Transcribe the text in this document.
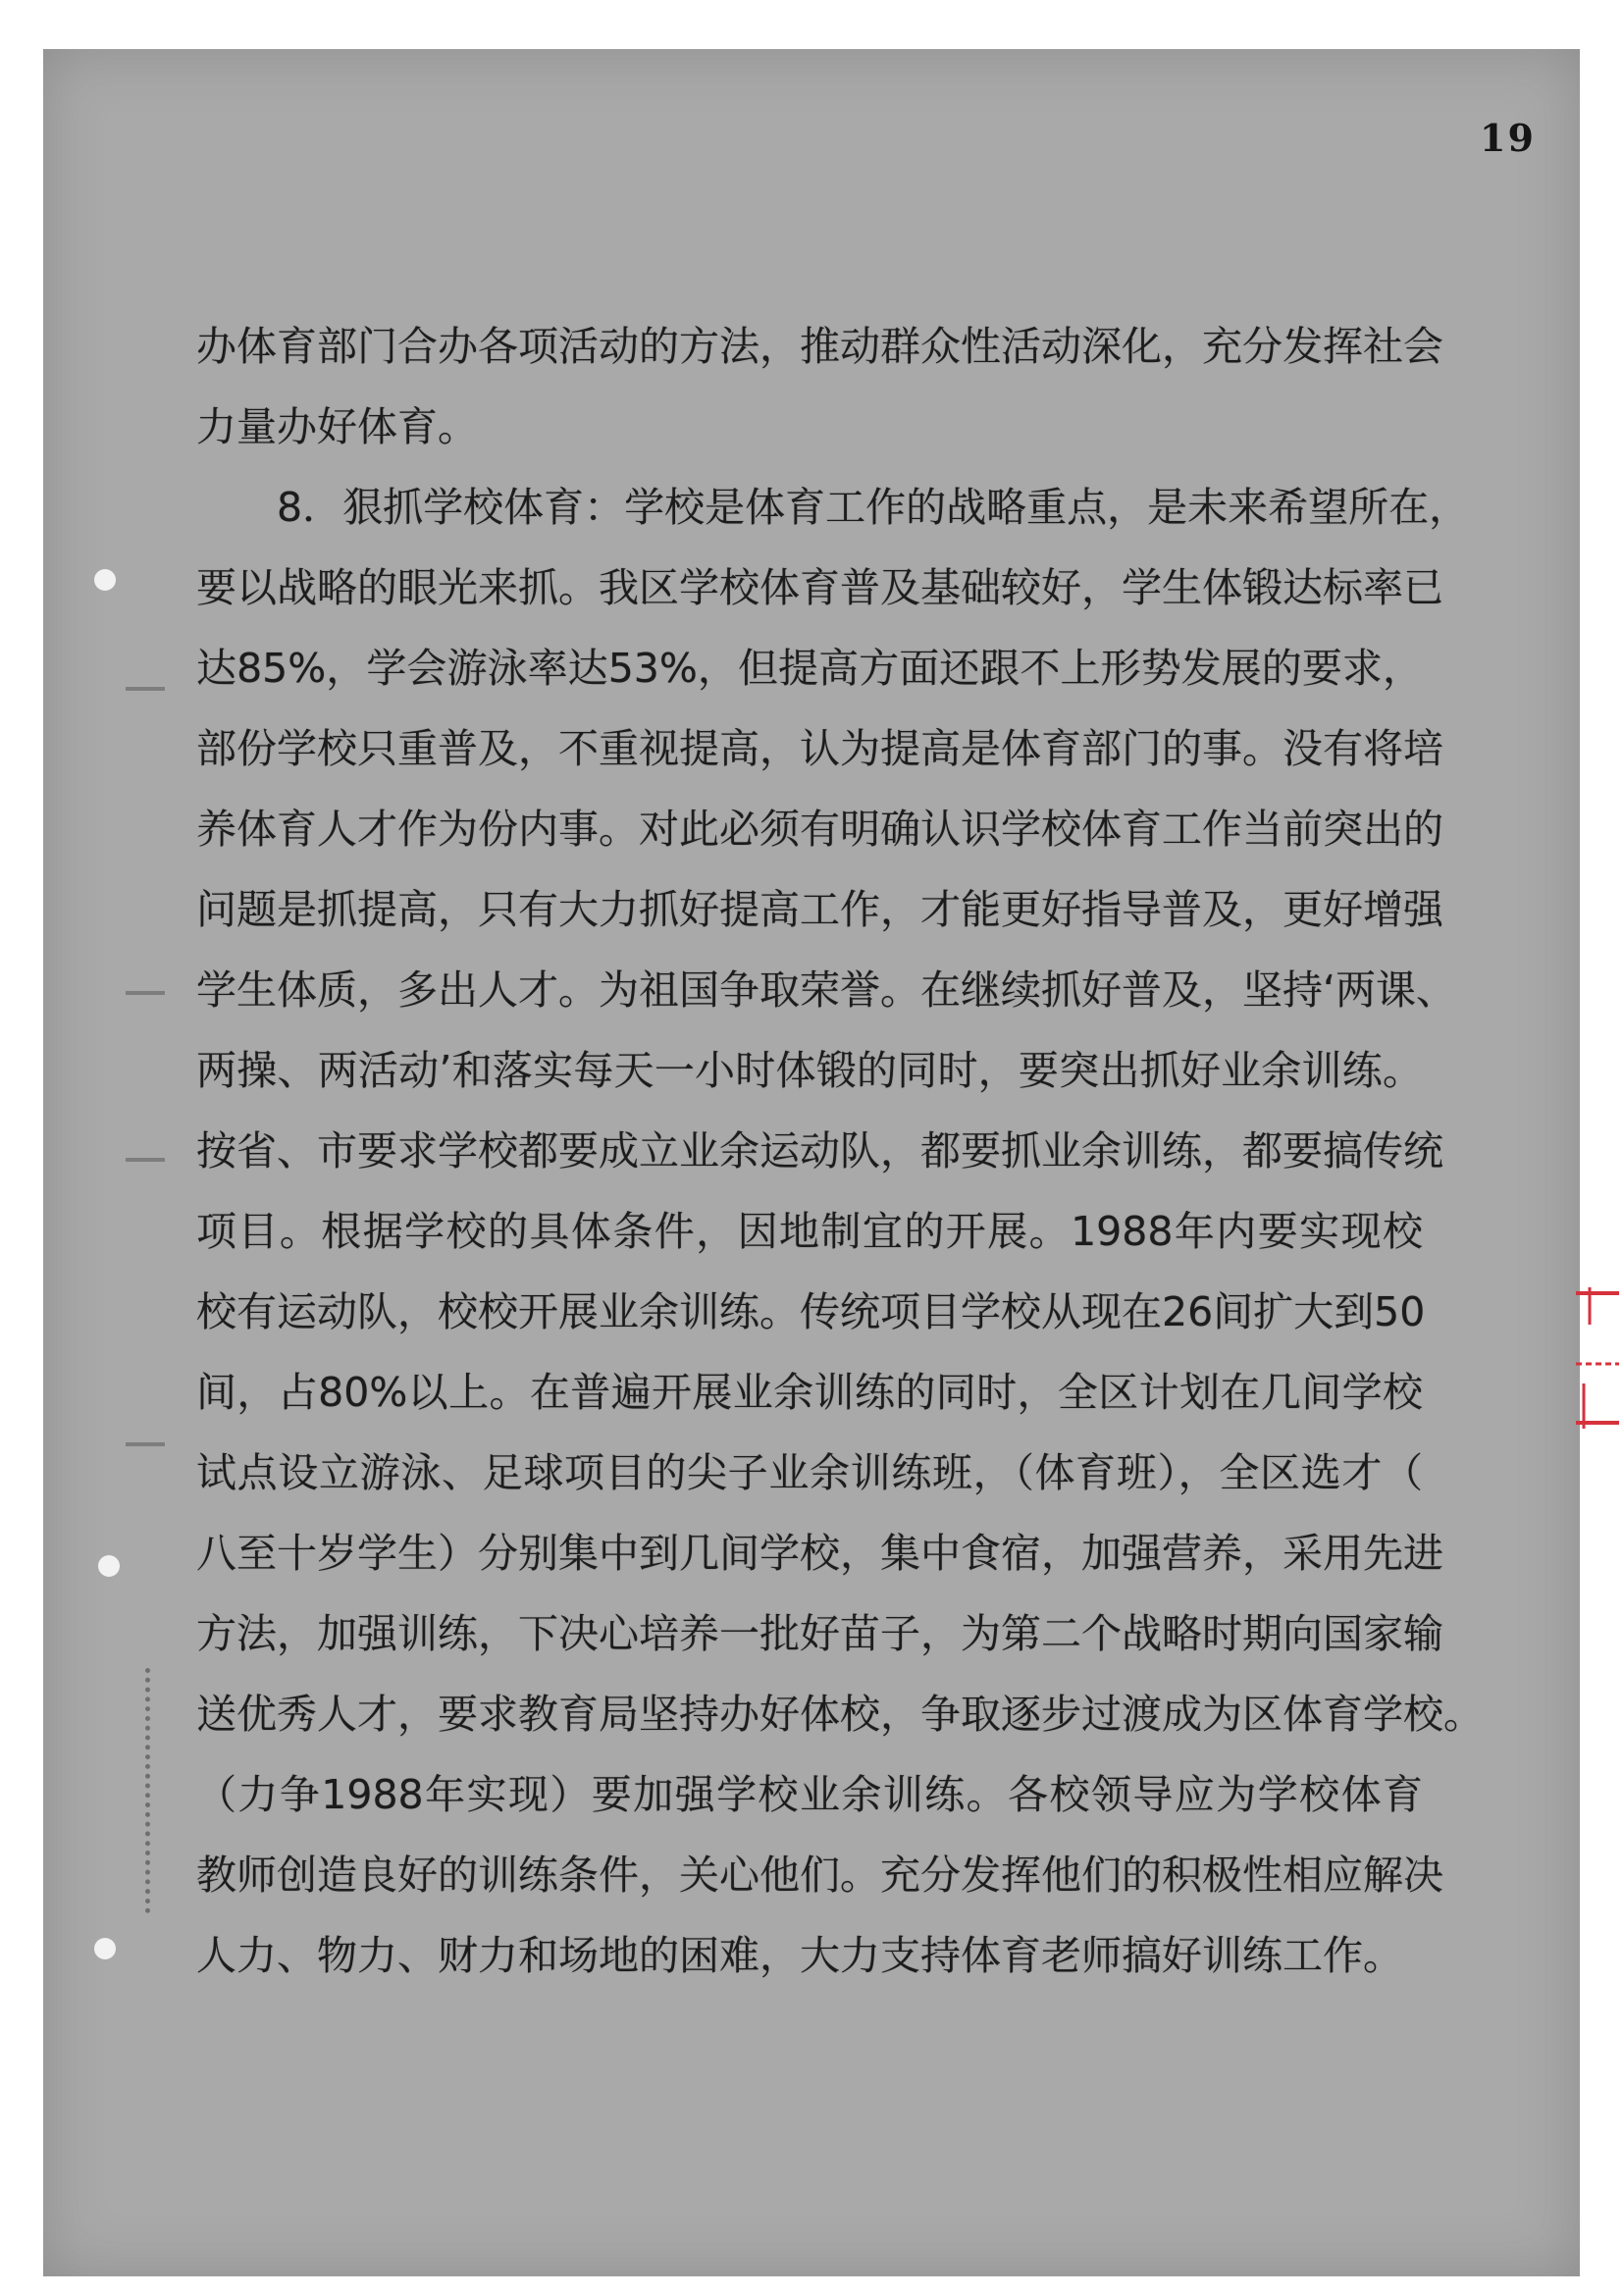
19
办体育部门合办各项活动的方法，推动群众性活动深化，充分发挥社会
力量办好体育。
8．狠抓学校体育：学校是体育工作的战略重点，是未来希望所在，
要以战略的眼光来抓。我区学校体育普及基础较好，学生体锻达标率已
达85%，学会游泳率达53%，但提高方面还跟不上形势发展的要求，
部份学校只重普及，不重视提高，认为提高是体育部门的事。没有将培
养体育人才作为份内事。对此必须有明确认识学校体育工作当前突出的
问题是抓提高，只有大力抓好提高工作，才能更好指导普及，更好增强
学生体质，多出人才。为祖国争取荣誉。在继续抓好普及，坚持‘两课、
两操、两活动’和落实每天一小时体锻的同时，要突出抓好业余训练。
按省、市要求学校都要成立业余运动队，都要抓业余训练，都要搞传统
项目。根据学校的具体条件，因地制宜的开展。1988年内要实现校
校有运动队，校校开展业余训练。传统项目学校从现在26间扩大到50
间，占80%以上。在普遍开展业余训练的同时，全区计划在几间学校
试点设立游泳、足球项目的尖子业余训练班，（体育班），全区选才（
八至十岁学生）分别集中到几间学校，集中食宿，加强营养，采用先进
方法，加强训练，下决心培养一批好苗子，为第二个战略时期向国家输
送优秀人才，要求教育局坚持办好体校，争取逐步过渡成为区体育学校。
（力争1988年实现）要加强学校业余训练。各校领导应为学校体育
教师创造良好的训练条件，关心他们。充分发挥他们的积极性相应解决
人力、物力、财力和场地的困难，大力支持体育老师搞好训练工作。
